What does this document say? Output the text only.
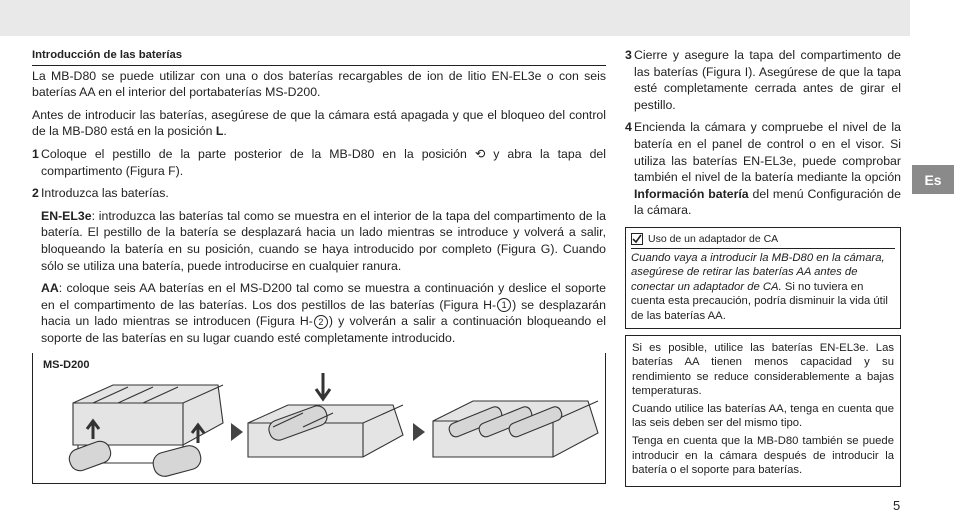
Es
Introducción de las baterías

La MB-D80 se puede utilizar con una o dos baterías recargables de ion de litio EN-EL3e o con seis baterías AA en el interior del portabaterías MS-D200.

Antes de introducir las baterías, asegúrese de que la cámara está apagada y que el bloqueo del control de la MB-D80 está en la posición L.

1 Coloque el pestillo de la parte posterior de la MB-D80 en la posición ⟲ y abra la tapa del compartimento (Figura F).
2 Introduzca las baterías.

EN-EL3e: introduzca las baterías tal como se muestra en el interior de la tapa del compartimento de la batería. El pestillo de la batería se desplazará hacia un lado mientras se introduce y volverá a salir, bloqueando la batería en su posición, cuando se haya introducido por completo (Figura G). Cuando sólo se utiliza una batería, puede introducirse en cualquier ranura.

AA: coloque seis AA baterías en el MS-D200 tal como se muestra a continuación y deslice el soporte en el compartimento de las baterías. Los dos pestillos de las baterías (Figura H- 1 ) se desplazarán hacia un lado mientras se introducen (Figura H- 2 ) y volverán a salir a continuación bloqueando el soporte de las baterías en su lugar cuando esté completamente introducido.

MS-D200
3 Cierre y asegure la tapa del compartimento de las baterías (Figura I). Asegúrese de que la tapa esté completamente cerrada antes de girar el pestillo.
4 Encienda la cámara y compruebe el nivel de la batería en el panel de control o en el visor. Si utiliza las baterías EN-EL3e, puede comprobar también el nivel de la batería mediante la opción Información batería del menú Configuración de la cámara.
Uso de un adaptador de CA
Cuando vaya a introducir la MB-D80 en la cámara, asegúrese de retirar las baterías AA antes de conectar un adaptador de CA. Si no tuviera en cuenta esta precaución, podría disminuir la vida útil de las baterías AA.

Si es posible, utilice las baterías EN-EL3e. Las baterías AA tienen menos capacidad y su rendimiento se reduce considerablemente a bajas temperaturas.

Cuando utilice las baterías AA, tenga en cuenta que las seis deben ser del mismo tipo.

Tenga en cuenta que la MB-D80 también se puede introducir en la cámara después de introducir la batería o el soporte para baterías.

5
